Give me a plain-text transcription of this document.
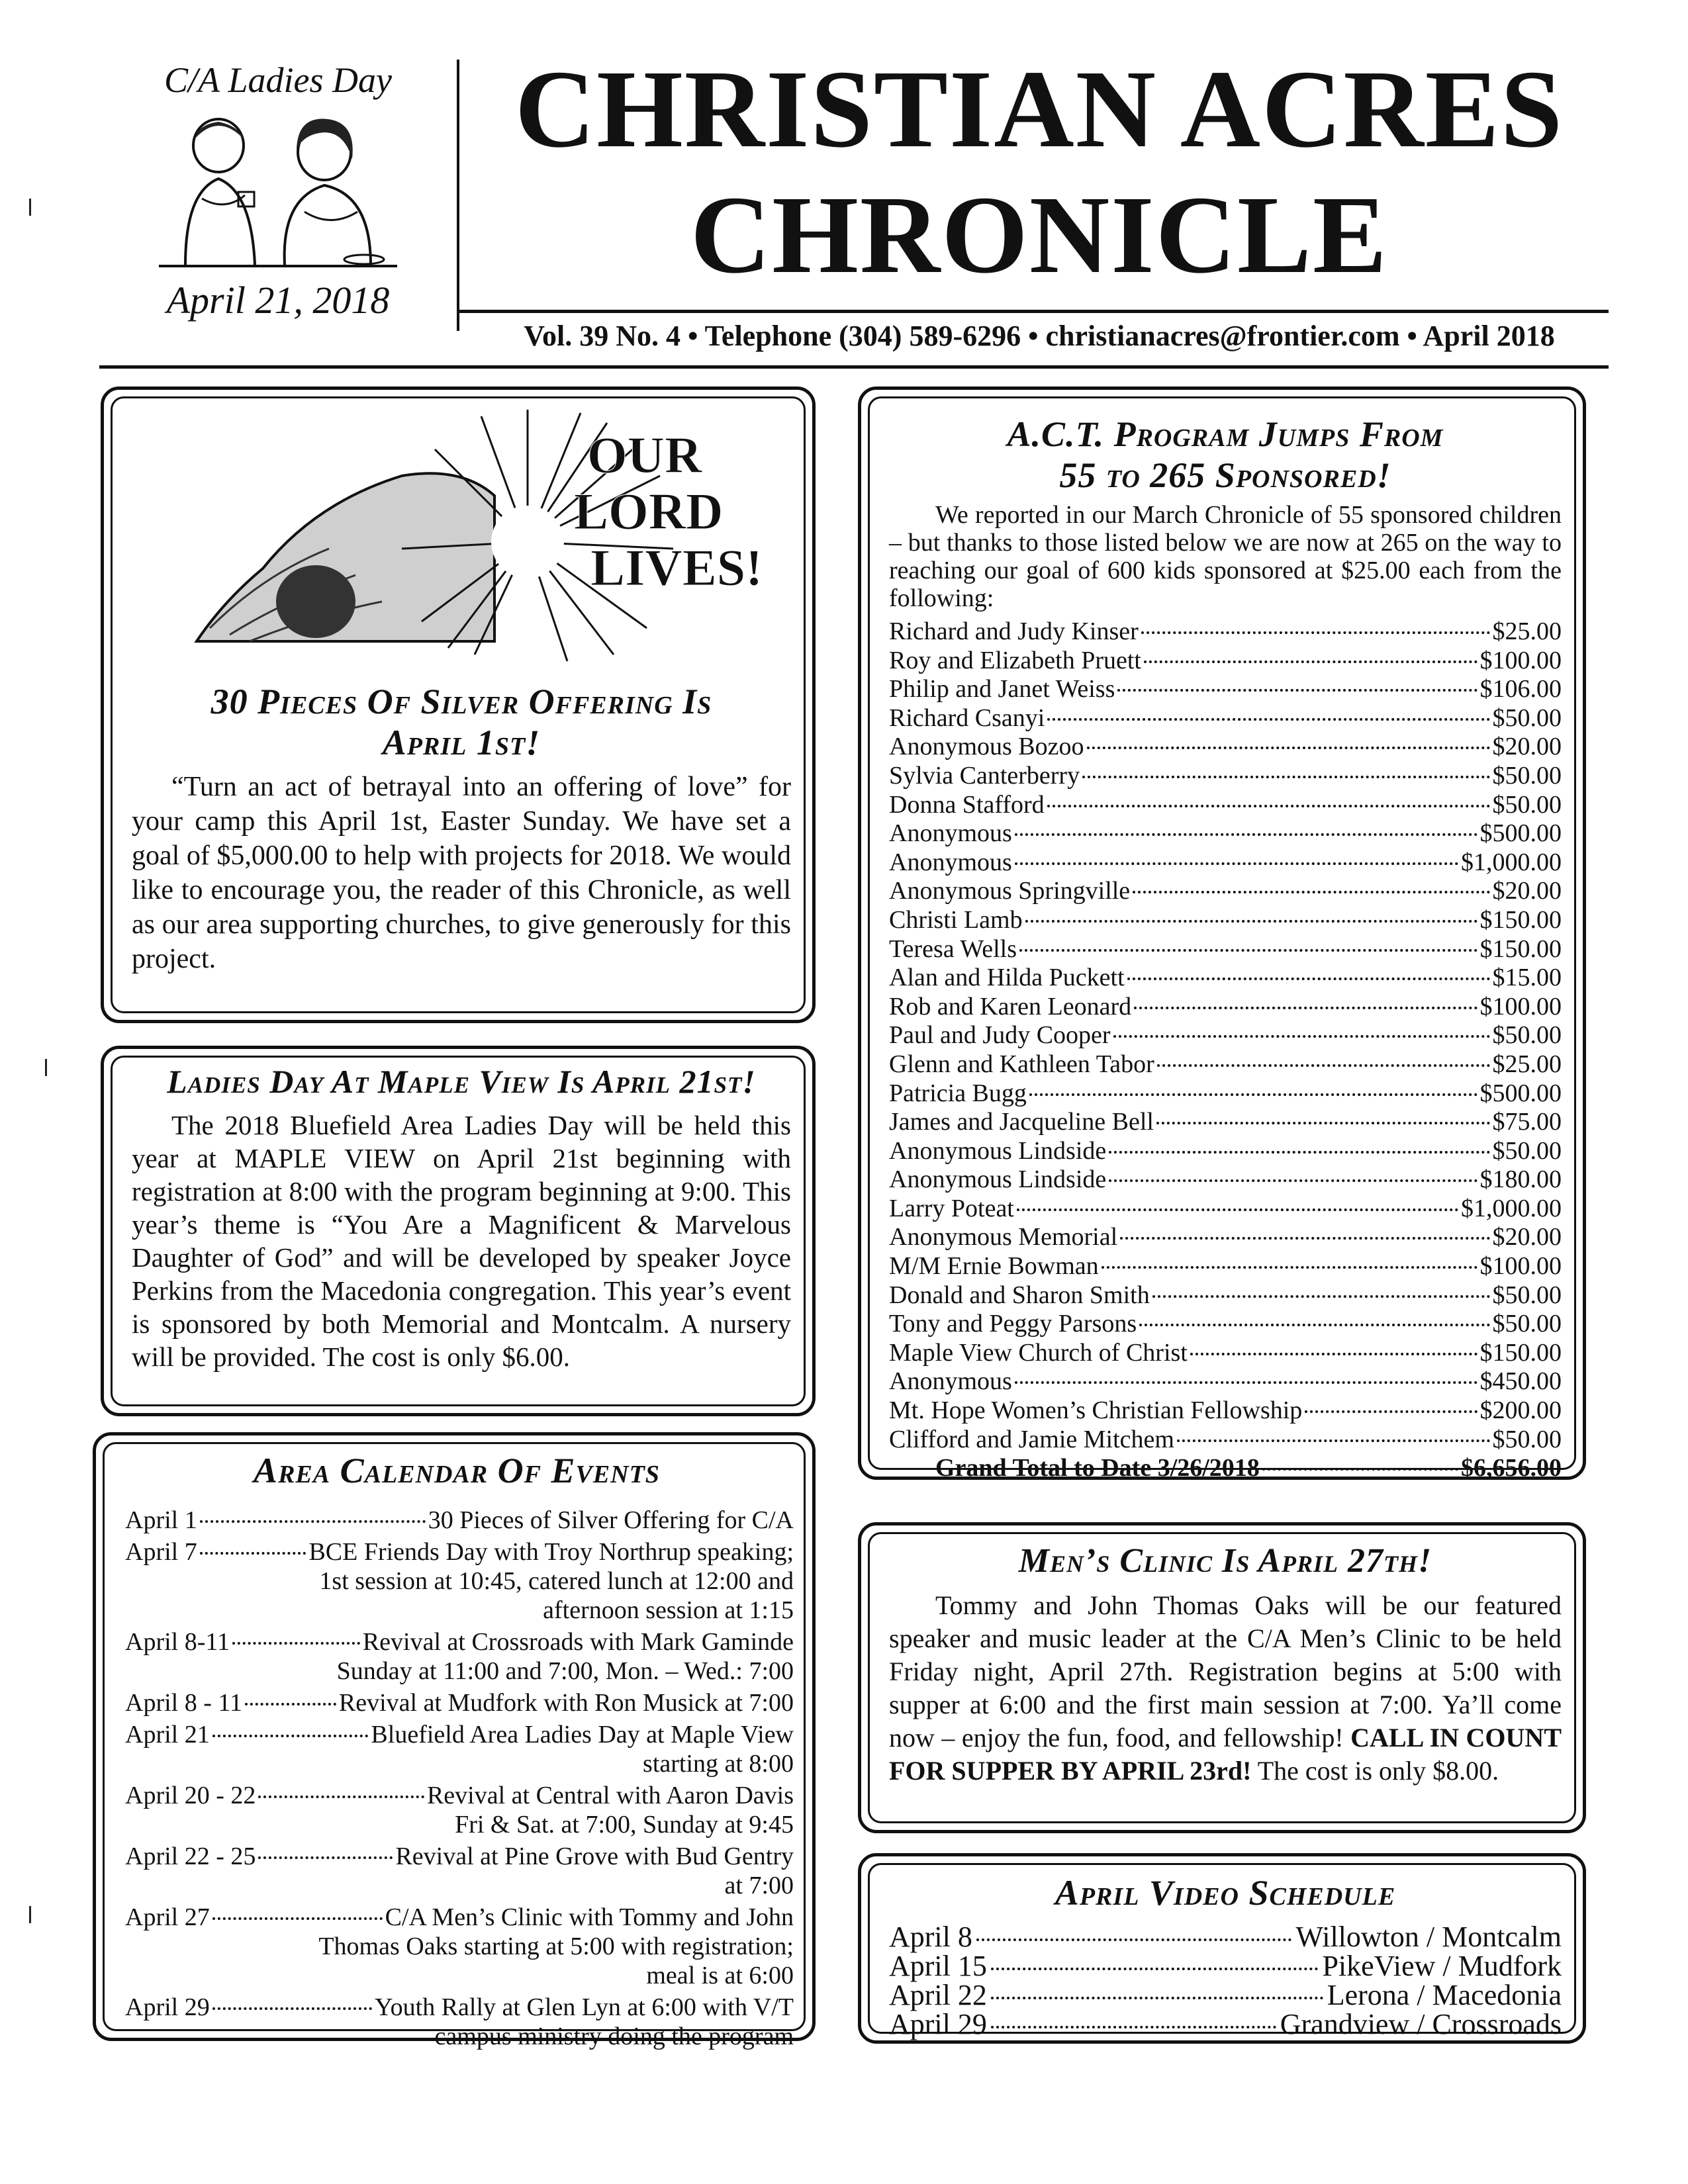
C/A Ladies Day
April 21, 2018
CHRISTIAN ACRES
CHRONICLE
Vol. 39 No. 4 • Telephone (304) 589-6296 • christianacres@frontier.com • April 2018
OUR
LORD
LIVES!
30 Pieces Of Silver Offering Is
April 1st!

“Turn an act of betrayal into an offering of love” for your camp this April 1st, Easter Sunday. We have set a goal of $5,000.00 to help with projects for 2018. We would like to encourage you, the reader of this Chronicle, as well as our area supporting churches, to give generously for this project.

Ladies Day At Maple View Is April 21st!

The 2018 Bluefield Area Ladies Day will be held this year at MAPLE VIEW on April 21st beginning with registration at 8:00 with the program beginning at 9:00. This year’s theme is “You Are a Magnificent & Marvelous Daughter of God” and will be developed by speaker Joyce Perkins from the Macedonia congregation. This year’s event is sponsored by both Memorial and Montcalm. A nursery will be provided. The cost is only $6.00.

Area Calendar Of Events
April 1	30 Pieces of Silver Offering for C/A
April 7	BCE Friends Day with Troy Northrup speaking;
1st session at 10:45, catered lunch at 12:00 and
afternoon session at 1:15
April 8-11	Revival at Crossroads with Mark Gaminde
Sunday at 11:00 and 7:00, Mon. – Wed.: 7:00
April 8 - 11	Revival at Mudfork with Ron Musick at 7:00
April 21	Bluefield Area Ladies Day at Maple View
starting at 8:00
April 20 - 22	Revival at Central with Aaron Davis
Fri & Sat. at 7:00, Sunday at 9:45
April 22 - 25	Revival at Pine Grove with Bud Gentry
at 7:00
April 27	C/A Men’s Clinic with Tommy and John
Thomas Oaks starting at 5:00 with registration;
meal is at 6:00
April 29	Youth Rally at Glen Lyn at 6:00 with V/T
campus ministry doing the program
A.C.T. Program Jumps From
55 to 265 Sponsored!

We reported in our March Chronicle of 55 sponsored children – but thanks to those listed below we are now at 265 on the way to reaching our goal of 600 kids sponsored at $25.00 each from the following:

Richard and Judy Kinser	$25.00
Roy and Elizabeth Pruett	$100.00
Philip and Janet Weiss	$106.00
Richard Csanyi	$50.00
Anonymous Bozoo	$20.00
Sylvia Canterberry	$50.00
Donna Stafford	$50.00
Anonymous	$500.00
Anonymous	$1,000.00
Anonymous Springville	$20.00
Christi Lamb	$150.00
Teresa Wells	$150.00
Alan and Hilda Puckett	$15.00
Rob and Karen Leonard	$100.00
Paul and Judy Cooper	$50.00
Glenn and Kathleen Tabor	$25.00
Patricia Bugg	$500.00
James and Jacqueline Bell	$75.00
Anonymous Lindside	$50.00
Anonymous Lindside	$180.00
Larry Poteat	$1,000.00
Anonymous Memorial	$20.00
M/M Ernie Bowman	$100.00
Donald and Sharon Smith	$50.00
Tony and Peggy Parsons	$50.00
Maple View Church of Christ	$150.00
Anonymous	$450.00
Mt. Hope Women’s Christian Fellowship	$200.00
Clifford and Jamie Mitchem	$50.00
Grand Total to Date 3/26/2018	$6,656.00
Men’s Clinic Is April 27th!

Tommy and John Thomas Oaks will be our featured speaker and music leader at the C/A Men’s Clinic to be held Friday night, April 27th. Registration begins at 5:00 with supper at 6:00 and the first main session at 7:00. Ya’ll come now – enjoy the fun, food, and fellowship! CALL IN COUNT FOR SUPPER BY APRIL 23rd! The cost is only $8.00.

April Video Schedule
April 8	Willowton / Montcalm
April 15	PikeView / Mudfork
April 22	Lerona / Macedonia
April 29	Grandview / Crossroads
